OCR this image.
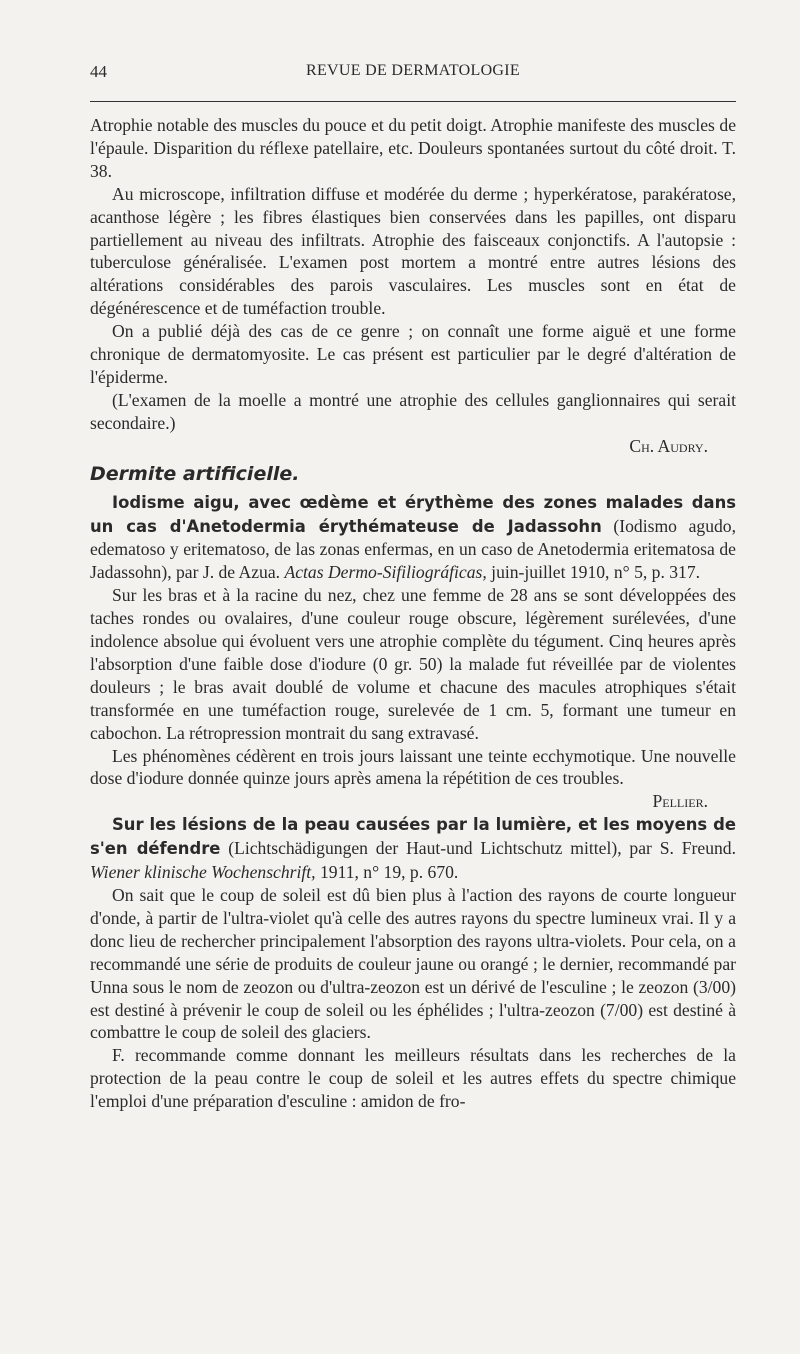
44	REVUE DE DERMATOLOGIE

Atrophie notable des muscles du pouce et du petit doigt. Atrophie manifeste des muscles de l'épaule. Disparition du réflexe patellaire, etc. Douleurs spontanées surtout du côté droit. T. 38.

Au microscope, infiltration diffuse et modérée du derme ; hyperkératose, parakératose, acanthose légère ; les fibres élastiques bien conservées dans les papilles, ont disparu partiellement au niveau des infiltrats. Atrophie des faisceaux conjonctifs. A l'autopsie : tuberculose généralisée. L'examen post mortem a montré entre autres lésions des altérations considérables des parois vasculaires. Les muscles sont en état de dégénérescence et de tuméfaction trouble.

On a publié déjà des cas de ce genre ; on connaît une forme aiguë et une forme chronique de dermatomyosite. Le cas présent est particulier par le degré d'altération de l'épiderme.

(L'examen de la moelle a montré une atrophie des cellules ganglionnaires qui serait secondaire.)

Ch. Audry.
Dermite artificielle.

Iodisme aigu, avec œdème et érythème des zones malades dans un cas d'Anetodermia érythémateuse de Jadassohn (Iodismo agudo, edematoso y eritematoso, de las zonas enfermas, en un caso de Anetodermia eritematosa de Jadassohn), par J. de Azua. Actas Dermo-Sifiliográficas, juin-juillet 1910, n° 5, p. 317.

Sur les bras et à la racine du nez, chez une femme de 28 ans se sont développées des taches rondes ou ovalaires, d'une couleur rouge obscure, légèrement surélevées, d'une indolence absolue qui évoluent vers une atrophie complète du tégument. Cinq heures après l'absorption d'une faible dose d'iodure (0 gr. 50) la malade fut réveillée par de violentes douleurs ; le bras avait doublé de volume et chacune des macules atrophiques s'était transformée en une tuméfaction rouge, surelevée de 1 cm. 5, formant une tumeur en cabochon. La rétropression montrait du sang extravasé.

Les phénomènes cédèrent en trois jours laissant une teinte ecchymotique. Une nouvelle dose d'iodure donnée quinze jours après amena la répétition de ces troubles.

Pellier.

Sur les lésions de la peau causées par la lumière, et les moyens de s'en défendre (Lichtschädigungen der Haut-und Lichtschutz mittel), par S. Freund. Wiener klinische Wochenschrift, 1911, n° 19, p. 670.

On sait que le coup de soleil est dû bien plus à l'action des rayons de courte longueur d'onde, à partir de l'ultra-violet qu'à celle des autres rayons du spectre lumineux vrai. Il y a donc lieu de rechercher principalement l'absorption des rayons ultra-violets. Pour cela, on a recommandé une série de produits de couleur jaune ou orangé ; le dernier, recommandé par Unna sous le nom de zeozon ou d'ultra-zeozon est un dérivé de l'esculine ; le zeozon (3/00) est destiné à prévenir le coup de soleil ou les éphélides ; l'ultra-zeozon (7/00) est destiné à combattre le coup de soleil des glaciers.

F. recommande comme donnant les meilleurs résultats dans les recherches de la protection de la peau contre le coup de soleil et les autres effets du spectre chimique l'emploi d'une préparation d'esculine : amidon de fro-
